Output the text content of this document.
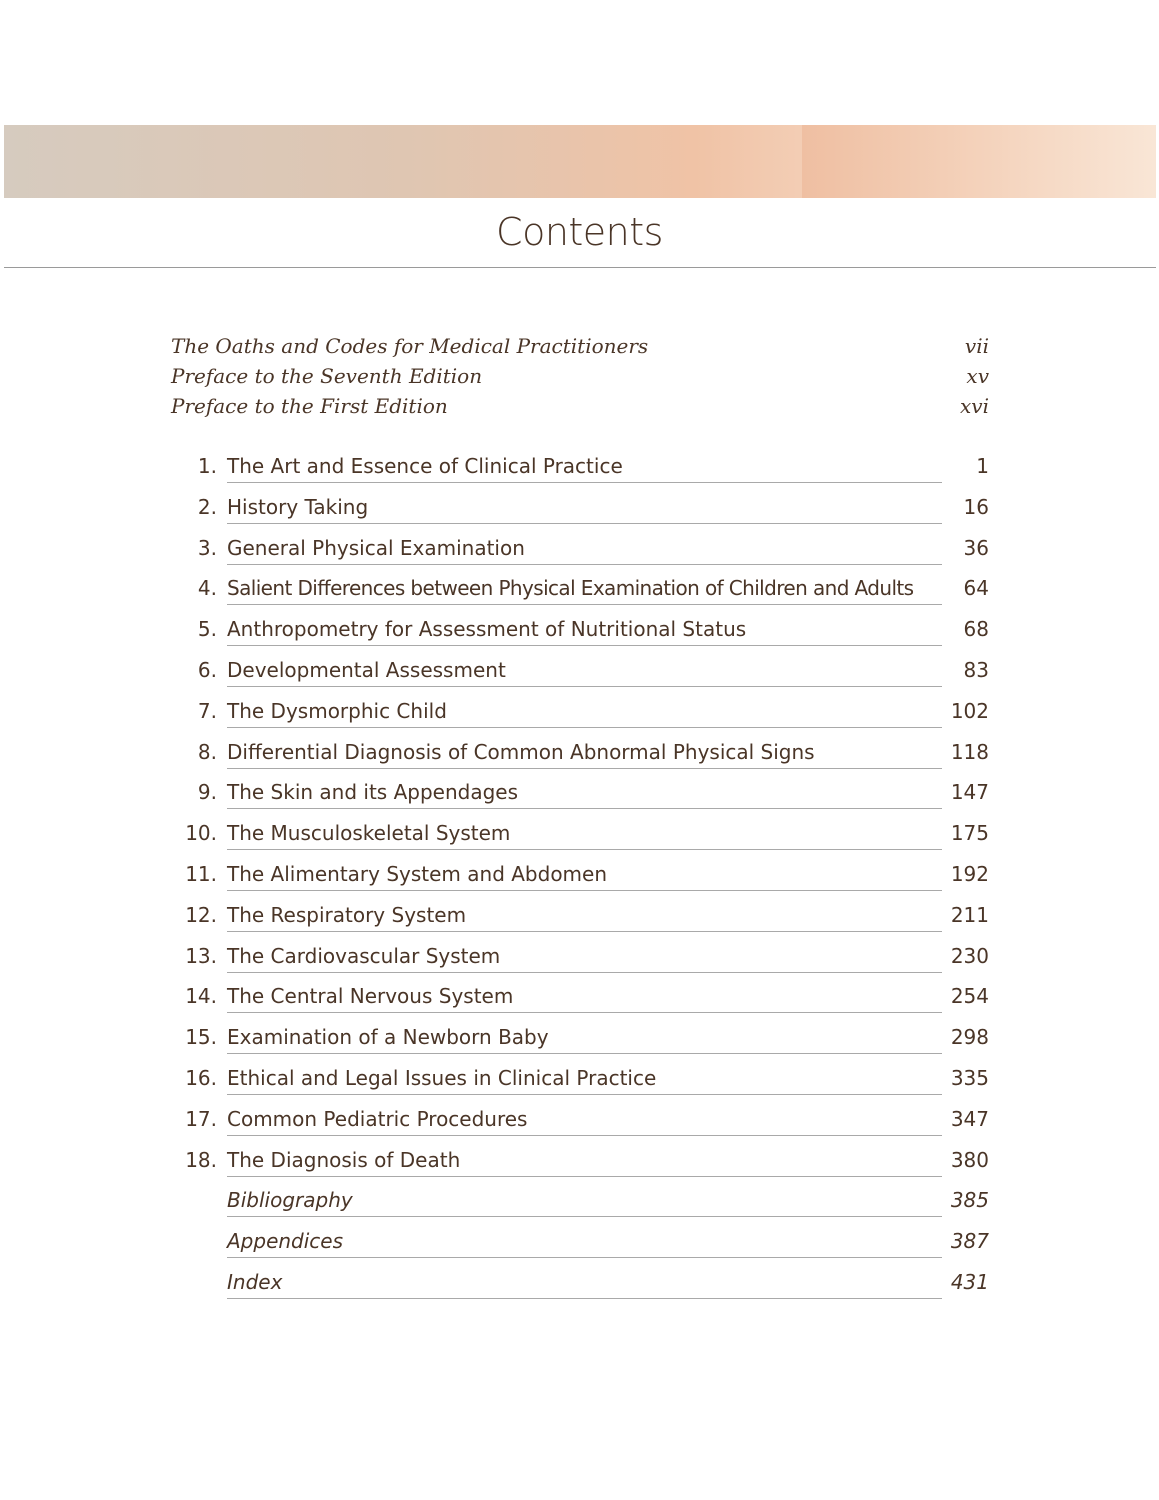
Contents
The Oaths and Codes for Medical Practitioners	vii
Preface to the Seventh Edition	xv
Preface to the First Edition	xvi
1. The Art and Essence of Clinical Practice	1
2. History Taking	16
3. General Physical Examination	36
4. Salient Differences between Physical Examination of Children and Adults	64
5. Anthropometry for Assessment of Nutritional Status	68
6. Developmental Assessment	83
7. The Dysmorphic Child	102
8. Differential Diagnosis of Common Abnormal Physical Signs	118
9. The Skin and its Appendages	147
10. The Musculoskeletal System	175
11. The Alimentary System and Abdomen	192
12. The Respiratory System	211
13. The Cardiovascular System	230
14. The Central Nervous System	254
15. Examination of a Newborn Baby	298
16. Ethical and Legal Issues in Clinical Practice	335
17. Common Pediatric Procedures	347
18. The Diagnosis of Death	380
Bibliography	385
Appendices	387
Index	431
